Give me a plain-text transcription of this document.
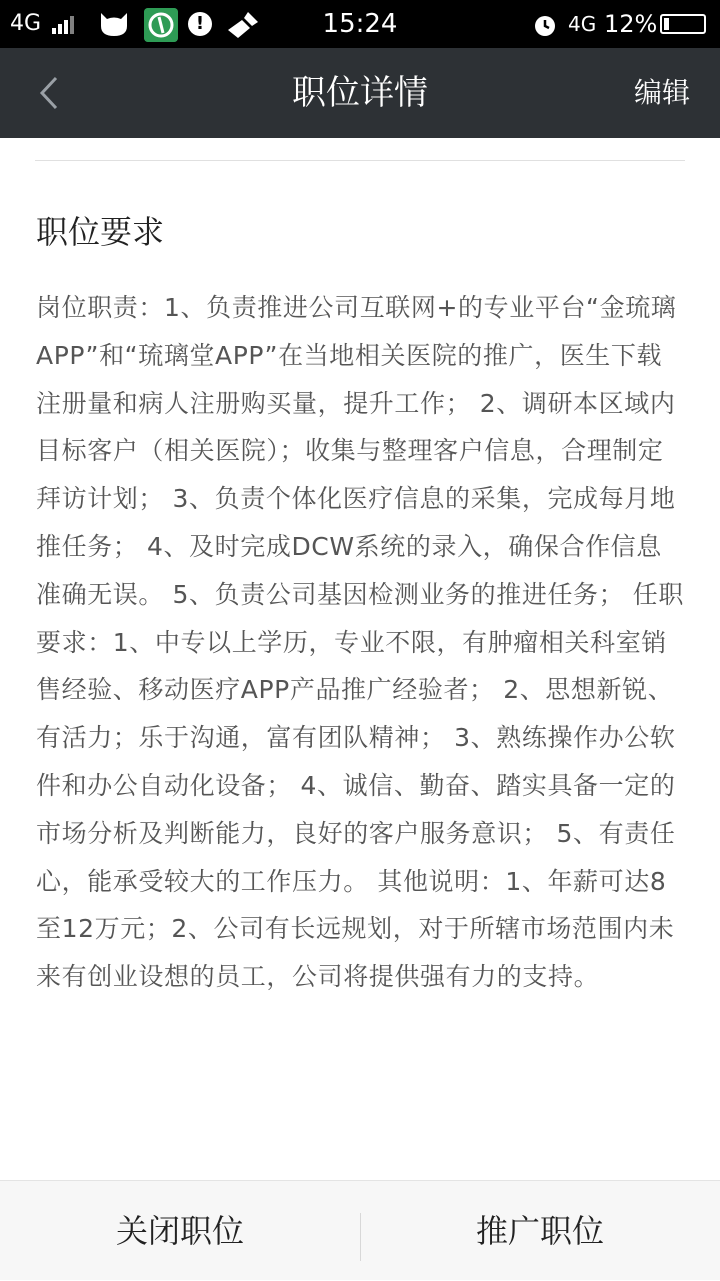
4G	!	15:24	4G 12%
职位详情	编辑
职位要求
岗位职责：1、负责推进公司互联网+的专业平台“金琉璃APP”和“琉璃堂APP”在当地相关医院的推广，医生下载注册量和病人注册购买量，提升工作； 2、调研本区域内目标客户（相关医院）；收集与整理客户信息，合理制定拜访计划； 3、负责个体化医疗信息的采集，完成每月地推任务； 4、及时完成DCW系统的录入，确保合作信息准确无误。 5、负责公司基因检测业务的推进任务； 任职要求：1、中专以上学历，专业不限，有肿瘤相关科室销售经验、移动医疗APP产品推广经验者； 2、思想新锐、有活力；乐于沟通，富有团队精神； 3、熟练操作办公软件和办公自动化设备； 4、诚信、勤奋、踏实具备一定的市场分析及判断能力，良好的客户服务意识； 5、有责任心，能承受较大的工作压力。 其他说明：1、年薪可达8至12万元；2、公司有长远规划，对于所辖市场范围内未来有创业设想的员工，公司将提供强有力的支持。
关闭职位	推广职位
